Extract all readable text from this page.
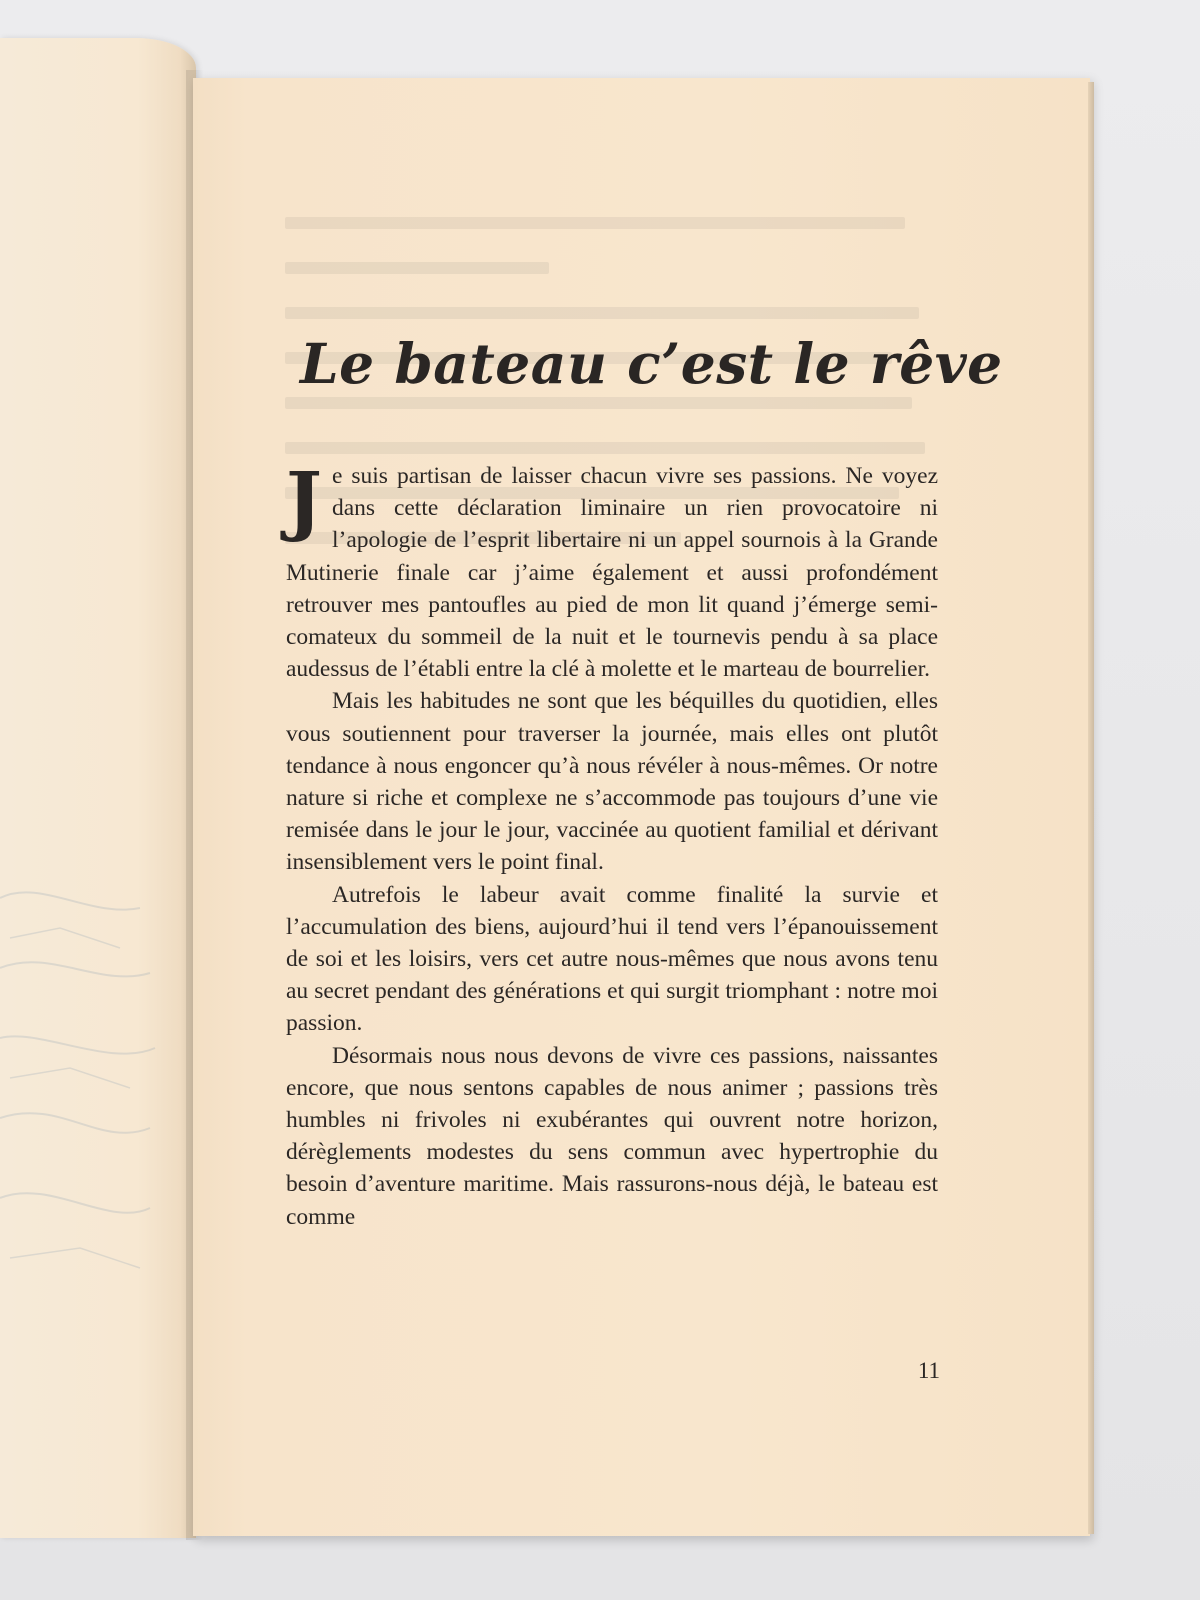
Le bateau c’est le rêve

Je suis partisan de laisser chacun vivre ses passions. Ne voyez dans cette déclaration liminaire un rien provocatoire ni l’apologie de l’esprit libertaire ni un appel sournois à la Grande Mutinerie finale car j’aime également et aussi profondément retrouver mes pantoufles au pied de mon lit quand j’émerge semi-comateux du sommeil de la nuit et le tournevis pendu à sa place audessus de l’établi entre la clé à molette et le marteau de bourrelier.

Mais les habitudes ne sont que les béquilles du quotidien, elles vous soutiennent pour traverser la journée, mais elles ont plutôt tendance à nous engoncer qu’à nous révéler à nous-mêmes. Or notre nature si riche et complexe ne s’accommode pas toujours d’une vie remisée dans le jour le jour, vaccinée au quotient familial et dérivant insensiblement vers le point final.

Autrefois le labeur avait comme finalité la survie et l’accumulation des biens, aujourd’hui il tend vers l’épanouissement de soi et les loisirs, vers cet autre nous-mêmes que nous avons tenu au secret pendant des générations et qui surgit triomphant : notre moi passion.

Désormais nous nous devons de vivre ces passions, naissantes encore, que nous sentons capables de nous animer ; passions très humbles ni frivoles ni exubérantes qui ouvrent notre horizon, dérèglements modestes du sens commun avec hypertrophie du besoin d’aventure maritime. Mais rassurons-nous déjà, le bateau est comme

11
